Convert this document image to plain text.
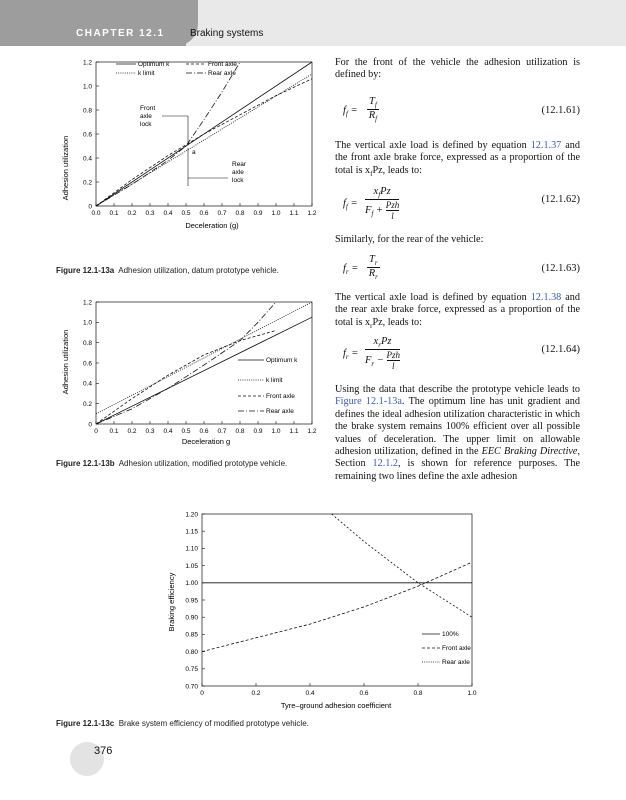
CHAPTER 12.1	Braking systems
Adhesion utilization
Deceleration (g)
0
0.2
0.4
0.6
0.8
1.0
1.2
0.0 0.1 0.2 0.3 0.4 0.5 0.6 0.7 0.8 0.9 1.0 1.1 1.2
Optimum k
k limit
Front axle
Rear axle
Front
axle
lock
Rear
axle
lock
a
Figure 12.1-13a Adhesion utilization, datum prototype vehicle.
Adhesion utilization
Deceleration g
0
0.2
0.4
0.6
0.8
1.0
1.2
0 0.1 0.2 0.3 0.4 0.5 0.6 0.7 0.8 0.9 1.0 1.1 1.2
Optimum k
k limit
Front axle
Rear axle
Figure 12.1-13b Adhesion utilization, modified prototype vehicle.
Braking efficiency
Tyre–ground adhesion coefficient
0.70
0.75
0.80
0.85
0.90
0.95
1.00
1.05
1.10
1.15
1.20
0	0.2	0.4	0.6	0.8	1.0
100%
Front axle
Rear axle
Figure 12.1-13c Brake system efficiency of modified prototype vehicle.
For the front of the vehicle the adhesion utilization is defined by:
$f_f = \frac{T_f}{R_f}$	(12.1.61)
The vertical axle load is defined by equation 12.1.37 and the front axle brake force, expressed as a proportion of the total is $x_fPz$, leads to:
$f_f$ =
$x_fPz$
$F_f$ + Pzh
l
(12.1.62)
Similarly, for the rear of the vehicle:
$f_r = \frac{T_r}{R_r}$	(12.1.63)
The vertical axle load is defined by equation 12.1.38 and the rear axle brake force, expressed as a proportion of the total is $x_rPz$, leads to:
$f_r$ =
$x_rPz$
$F_r$ − Pzh
l
(12.1.64)
Using the data that describe the prototype vehicle leads to Figure 12.1-13a. The optimum line has unit gradient and defines the ideal adhesion utilization characteristic in which the brake system remains 100% efficient over all possible values of deceleration. The upper limit on allowable adhesion utilization, defined in the EEC Braking Directive, Section 12.1.2, is shown for reference purposes. The remaining two lines define the axle adhesion
376
